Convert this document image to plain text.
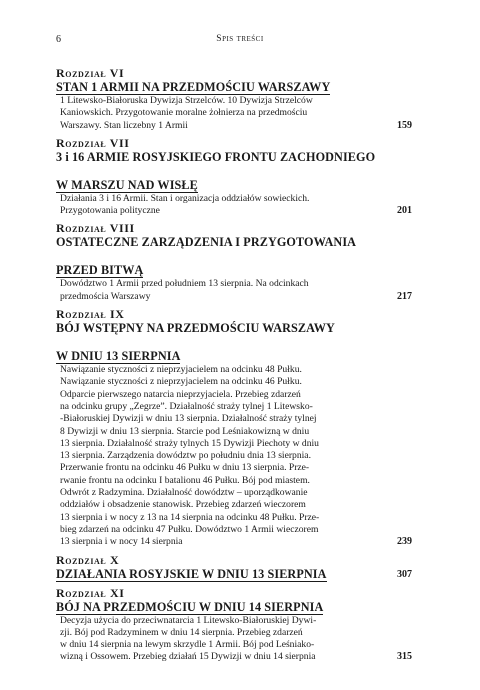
6	Spis treści
Rozdział VI
STAN 1 ARMII NA PRZEDMOŚCIU WARSZAWY
1 Litewsko-Białoruska Dywizja Strzelców. 10 Dywizja Strzelców
Kaniowskich. Przygotowanie moralne żołnierza na przedmościu
Warszawy. Stan liczebny 1 Armii	159
Rozdział VII
3 i 16 ARMIE ROSYJSKIEGO FRONTU ZACHODNIEGO

W MARSZU NAD WISŁĘ
Działania 3 i 16 Armii. Stan i organizacja oddziałów sowieckich.
Przygotowania polityczne	201
Rozdział VIII
OSTATECZNE ZARZĄDZENIA I PRZYGOTOWANIA

PRZED BITWĄ
Dowództwo 1 Armii przed południem 13 sierpnia. Na odcinkach
przedmościa Warszawy	217
Rozdział IX
BÓJ WSTĘPNY NA PRZEDMOŚCIU WARSZAWY

W DNIU 13 SIERPNIA
Nawiązanie styczności z nieprzyjacielem na odcinku 48 Pułku.
Nawiązanie styczności z nieprzyjacielem na odcinku 46 Pułku.
Odparcie pierwszego natarcia nieprzyjaciela. Przebieg zdarzeń
na odcinku grupy „Zegrze”. Działalność straży tylnej 1 Litewsko-
-Białoruskiej Dywizji w dniu 13 sierpnia. Działalność straży tylnej
8 Dywizji w dniu 13 sierpnia. Starcie pod Leśniakowizną w dniu
13 sierpnia. Działalność straży tylnych 15 Dywizji Piechoty w dniu
13 sierpnia. Zarządzenia dowództw po południu dnia 13 sierpnia.
Przerwanie frontu na odcinku 46 Pułku w dniu 13 sierpnia. Prze-
rwanie frontu na odcinku I batalionu 46 Pułku. Bój pod miastem.
Odwrót z Radzymina. Działalność dowództw – uporządkowanie
oddziałów i obsadzenie stanowisk. Przebieg zdarzeń wieczorem
13 sierpnia i w nocy z 13 na 14 sierpnia na odcinku 48 Pułku. Prze-
bieg zdarzeń na odcinku 47 Pułku. Dowództwo 1 Armii wieczorem
13 sierpnia i w nocy 14 sierpnia	239
Rozdział X
DZIAŁANIA ROSYJSKIE W DNIU 13 SIERPNIA	307
Rozdział XI
BÓJ NA PRZEDMOŚCIU W DNIU 14 SIERPNIA
Decyzja użycia do przeciwnatarcia 1 Litewsko-Białoruskiej Dywi-
zji. Bój pod Radzyminem w dniu 14 sierpnia. Przebieg zdarzeń
w dniu 14 sierpnia na lewym skrzydle 1 Armii. Bój pod Leśniako-
wizną i Ossowem. Przebieg działań 15 Dywizji w dniu 14 sierpnia	315
